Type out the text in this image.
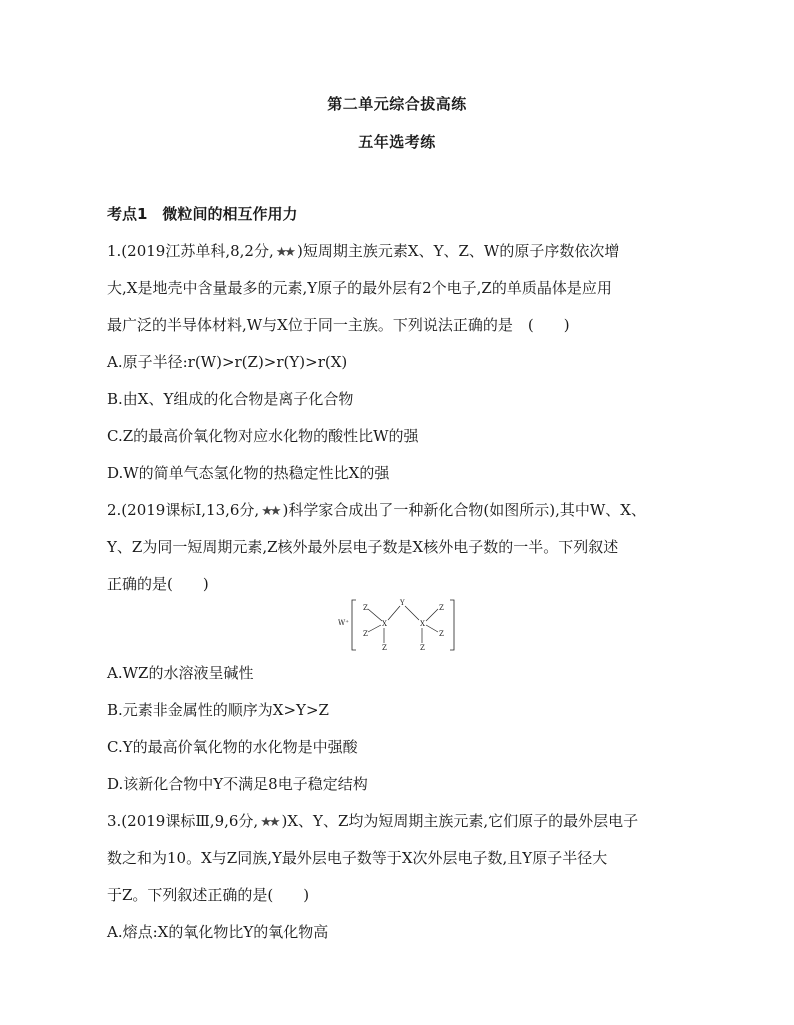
第二单元综合拔高练
五年选考练
考点1　微粒间的相互作用力
1.(2019江苏单科,8,2分, ★★ )短周期主族元素X、Y、Z、W的原子序数依次增
大,X是地壳中含量最多的元素,Y原子的最外层有2个电子,Z的单质晶体是应用
最广泛的半导体材料,W与X位于同一主族。下列说法正确的是　(　　)
A.原子半径:r(W)>r(Z)>r(Y)>r(X)
B.由X、Y组成的化合物是离子化合物
C.Z的最高价氧化物对应水化物的酸性比W的强
D.W的简单气态氢化物的热稳定性比X的强
2.(2019课标Ⅰ,13,6分, ★★ )科学家合成出了一种新化合物(如图所示),其中W、X、
Y、Z为同一短周期元素,Z核外最外层电子数是X核外电子数的一半。下列叙述
正确的是(　　)
W⁺	X
Z
Z
Z
Y
X
Z
Z
Z
A.WZ的水溶液呈碱性
B.元素非金属性的顺序为X>Y>Z
C.Y的最高价氧化物的水化物是中强酸
D.该新化合物中Y不满足8电子稳定结构
3.(2019课标Ⅲ,9,6分, ★★ )X、Y、Z均为短周期主族元素,它们原子的最外层电子
数之和为10。X与Z同族,Y最外层电子数等于X次外层电子数,且Y原子半径大
于Z。下列叙述正确的是(　　)
A.熔点:X的氧化物比Y的氧化物高
